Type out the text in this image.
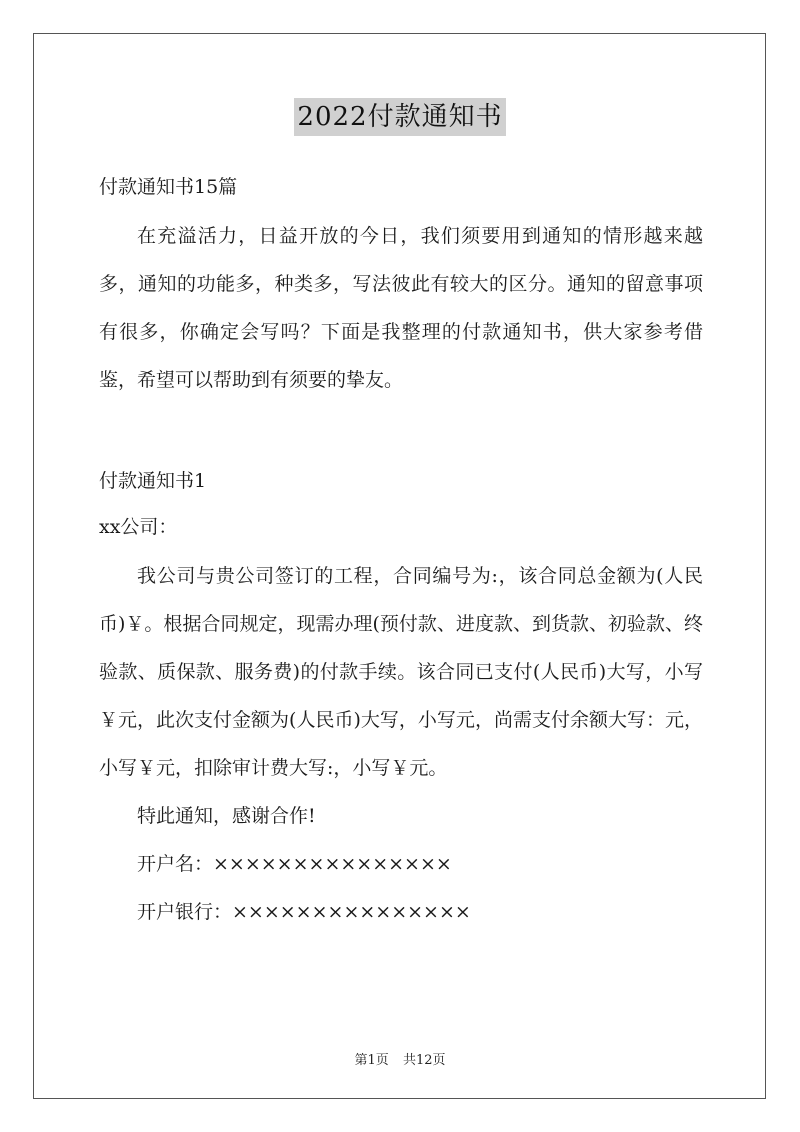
2022付款通知书

付款通知书15篇

在充溢活力，日益开放的今日，我们须要用到通知的情形越来越多，通知的功能多，种类多，写法彼此有较大的区分。通知的留意事项有很多，你确定会写吗？下面是我整理的付款通知书，供大家参考借鉴，希望可以帮助到有须要的挚友。

付款通知书1

xx公司：

我公司与贵公司签订的工程，合同编号为:，该合同总金额为(人民币)￥。根据合同规定，现需办理(预付款、进度款、到货款、初验款、终验款、质保款、服务费)的付款手续。该合同已支付(人民币)大写，小写￥元，此次支付金额为(人民币)大写，小写元，尚需支付余额大写：元，小写￥元，扣除审计费大写:，小写￥元。

特此通知，感谢合作!

开户名：×××××××××××××××

开户银行：×××××××××××××××

第1页 共12页
